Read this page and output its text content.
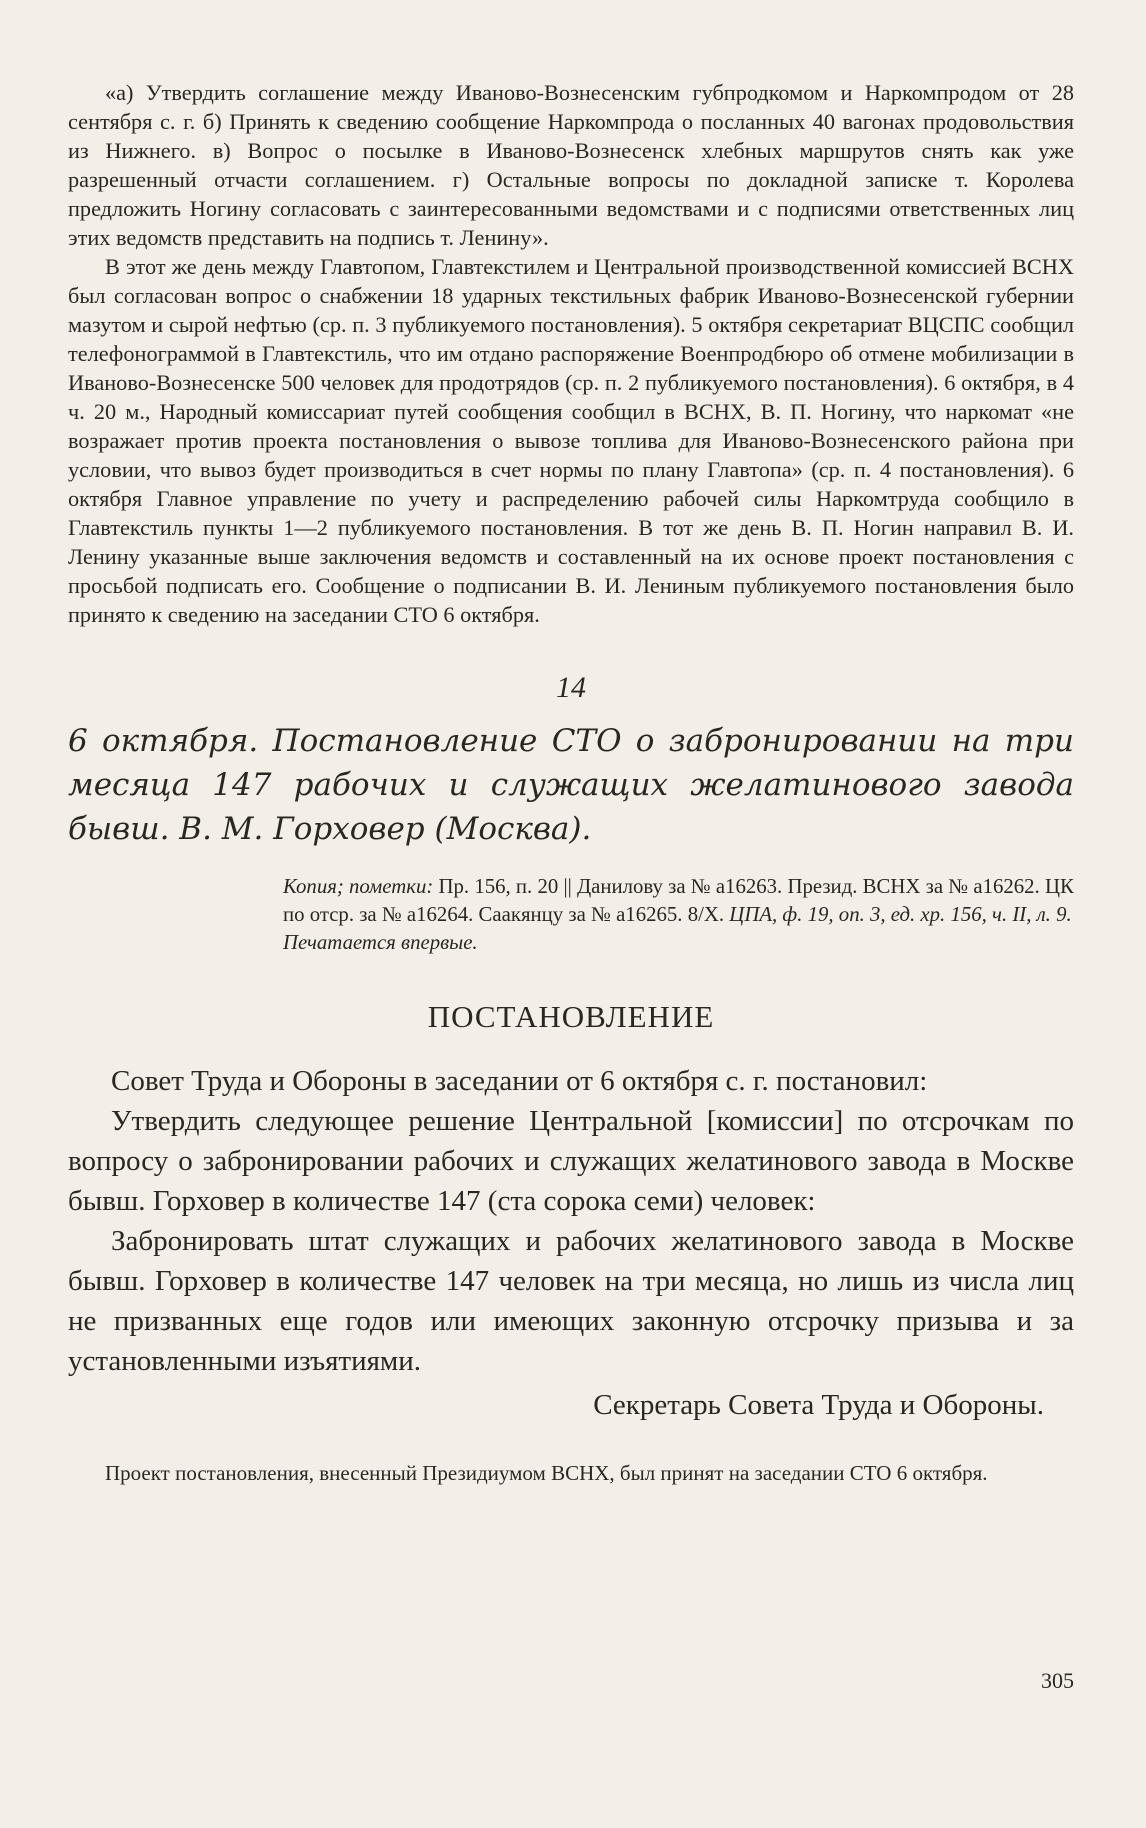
«а) Утвердить соглашение между Иваново-Вознесенским губпродкомом и Наркомпродом от 28 сентября с. г. б) Принять к сведению сообщение Наркомпрода о посланных 40 вагонах продовольствия из Нижнего. в) Вопрос о посылке в Иваново-Вознесенск хлебных маршрутов снять как уже разрешенный отчасти соглашением. г) Остальные вопросы по докладной записке т. Королева предложить Ногину согласовать с заинтересованными ведомствами и с подписями ответственных лиц этих ведомств представить на подпись т. Ленину».

В этот же день между Главтопом, Главтекстилем и Центральной производственной комиссией ВСНХ был согласован вопрос о снабжении 18 ударных текстильных фабрик Иваново-Вознесенской губернии мазутом и сырой нефтью (ср. п. 3 публикуемого постановления). 5 октября секретариат ВЦСПС сообщил телефонограммой в Главтекстиль, что им отдано распоряжение Военпродбюро об отмене мобилизации в Иваново-Вознесенске 500 человек для продотрядов (ср. п. 2 публикуемого постановления). 6 октября, в 4 ч. 20 м., Народный комиссариат путей сообщения сообщил в ВСНХ, В. П. Ногину, что наркомат «не возражает против проекта постановления о вывозе топлива для Иваново-Вознесенского района при условии, что вывоз будет производиться в счет нормы по плану Главтопа» (ср. п. 4 постановления). 6 октября Главное управление по учету и распределению рабочей силы Наркомтруда сообщило в Главтекстиль пункты 1—2 публикуемого постановления. В тот же день В. П. Ногин направил В. И. Ленину указанные выше заключения ведомств и составленный на их основе проект постановления с просьбой подписать его. Сообщение о подписании В. И. Лениным публикуемого постановления было принято к сведению на заседании СТО 6 октября.

14

6 октября. Постановление СТО о забронировании на три месяца 147 рабочих и служащих желатинового завода бывш. В. М. Горховер (Москва).

Копия; пометки: Пр. 156, п. 20 || Данилову за № а16263. Презид. ВСНХ за № а16262. ЦК по отср. за № а16264. Саакянцу за № а16265. 8/X. ЦПА, ф. 19, оп. 3, ед. хр. 156, ч. II, л. 9.
Печатается впервые.
ПОСТАНОВЛЕНИЕ

Совет Труда и Обороны в заседании от 6 октября с. г. постановил:

Утвердить следующее решение Центральной [комиссии] по отсрочкам по вопросу о забронировании рабочих и служащих желатинового завода в Москве бывш. Горховер в количестве 147 (ста сорока семи) человек:

Забронировать штат служащих и рабочих желатинового завода в Москве бывш. Горховер в количестве 147 человек на три месяца, но лишь из числа лиц не призванных еще годов или имеющих законную отсрочку призыва и за установленными изъятиями.

Секретарь Совета Труда и Обороны.

Проект постановления, внесенный Президиумом ВСНХ, был принят на заседании СТО 6 октября.

305
